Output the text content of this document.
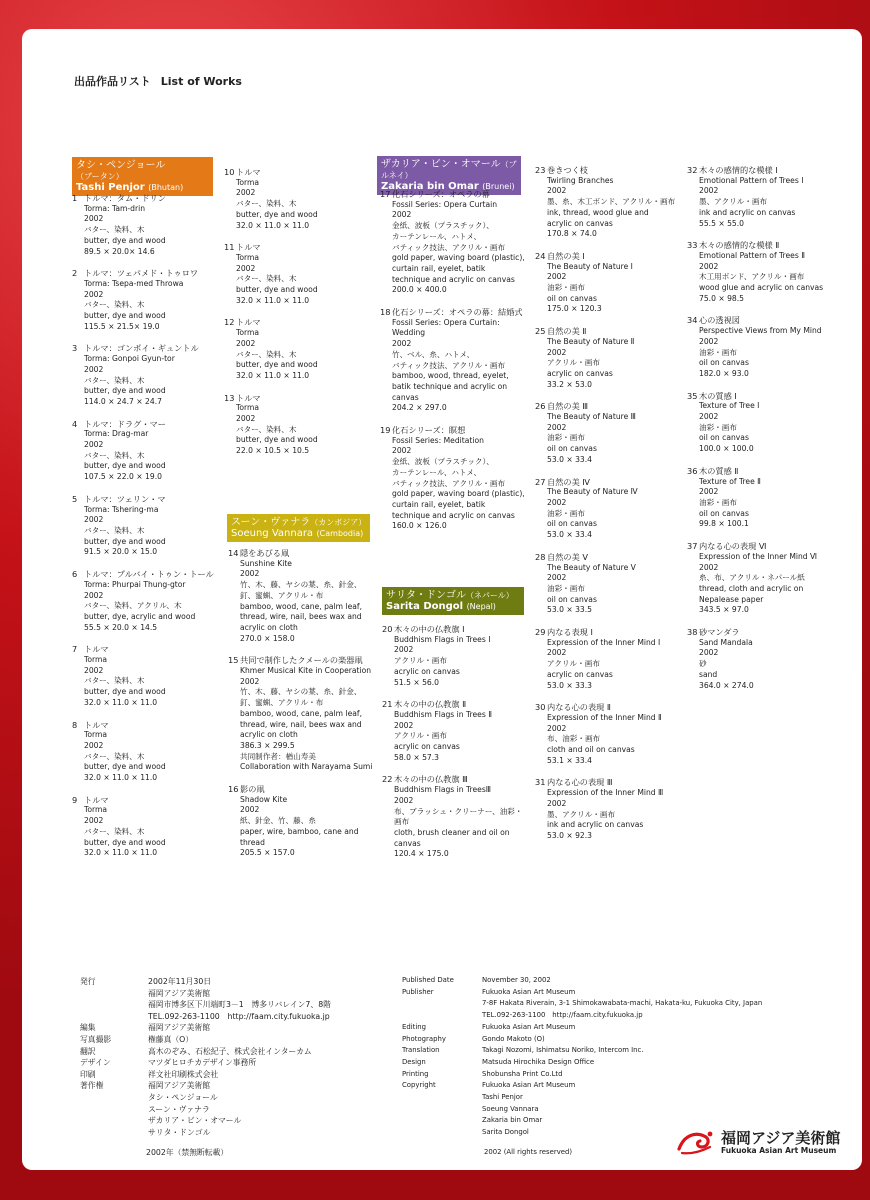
出品作品リスト List of Works
タシ・ペンジョール（ブータン）
Tashi Penjor (Bhutan)
スーン・ヴァナラ（カンボジア）
Soeung Vannara (Cambodia)
ザカリア・ビン・オマール（ブルネイ）
Zakaria bin Omar (Brunei)
サリタ・ドンゴル（ネパール）
Sarita Dongol (Nepal)
1 トルマ：タム・ドリン
Torma: Tam-drin
2002
バター、染料、木
butter, dye and wood
89.5 × 20.0× 14.6
2 トルマ：ツェパメド・トゥロワ
Torma: Tsepa-med Throwa
2002
バター、染料、木
butter, dye and wood
115.5 × 21.5× 19.0
3 トルマ：ゴンポイ・ギュントル
Torma: Gonpoi Gyun-tor
2002
バター、染料、木
butter, dye and wood
114.0 × 24.7 × 24.7
4 トルマ：ドラグ・マー
Torma: Drag-mar
2002
バター、染料、木
butter, dye and wood
107.5 × 22.0 × 19.0
5 トルマ：ツェリン・マ
Torma: Tshering-ma
2002
バター、染料、木
butter, dye and wood
91.5 × 20.0 × 15.0
6 トルマ：プルバイ・トゥン・トール
Torma: Phurpai Thung-gtor
2002
バター、染料、アクリル、木
butter, dye, acrylic and wood
55.5 × 20.0 × 14.5
7 トルマ
Torma
2002
バター、染料、木
butter, dye and wood
32.0 × 11.0 × 11.0
8 トルマ
Torma
2002
バター、染料、木
butter, dye and wood
32.0 × 11.0 × 11.0
9 トルマ
Torma
2002
バター、染料、木
butter, dye and wood
32.0 × 11.0 × 11.0
10 トルマ
Torma
2002
バター、染料、木
butter, dye and wood
32.0 × 11.0 × 11.0
11 トルマ
Torma
2002
バター、染料、木
butter, dye and wood
32.0 × 11.0 × 11.0
12 トルマ
Torma
2002
バター、染料、木
butter, dye and wood
32.0 × 11.0 × 11.0
13 トルマ
Torma
2002
バター、染料、木
butter, dye and wood
22.0 × 10.5 × 10.5
14 隠をあびる凧
Sunshine Kite
2002
竹、木、藤、ヤシの葉、糸、針金、
釘、蜜蝋、アクリル・布
bamboo, wood, cane, palm leaf,
thread, wire, nail, bees wax and
acrylic on cloth
270.0 × 158.0
15 共同で制作したクメールの楽器凧
Khmer Musical Kite in Cooperation
2002
竹、木、藤、ヤシの葉、糸、針金、
釘、蜜蝋、アクリル・布
bamboo, wood, cane, palm leaf,
thread, wire, nail, bees wax and
acrylic on cloth
386.3 × 299.5
共同制作者：楢山寿美
Collaboration with Narayama Sumi
16 影の凧
Shadow Kite
2002
紙、針金、竹、藤、糸
paper, wire, bamboo, cane and
thread
205.5 × 157.0
17 化石シリーズ：オペラの幕
Fossil Series: Opera Curtain
2002
金紙、波板（プラスチック）、
カーテンレール、ハトメ、
バティック技法、アクリル・画布
gold paper, waving board (plastic),
curtain rail, eyelet, batik
technique and acrylic on canvas
200.0 × 400.0
18 化石シリーズ：オペラの幕：結婚式
Fossil Series: Opera Curtain:
Wedding
2002
竹、ベル、糸、ハトメ、
バティック技法、アクリル・画布
bamboo, wood, thread, eyelet,
batik technique and acrylic on
canvas
204.2 × 297.0
19 化石シリーズ：瞑想
Fossil Series: Meditation
2002
金紙、波板（プラスチック）、
カーテンレール、ハトメ、
バティック技法、アクリル・画布
gold paper, waving board (plastic),
curtain rail, eyelet, batik
technique and acrylic on canvas
160.0 × 126.0
20 木々の中の仏教旗 Ⅰ
Buddhism Flags in Trees Ⅰ
2002
アクリル・画布
acrylic on canvas
51.5 × 56.0
21 木々の中の仏教旗 Ⅱ
Buddhism Flags in Trees Ⅱ
2002
アクリル・画布
acrylic on canvas
58.0 × 57.3
22 木々の中の仏教旗 Ⅲ
Buddhism Flags in TreesⅢ
2002
布、ブラッシュ・クリーナー、油彩・
画布
cloth, brush cleaner and oil on
canvas
120.4 × 175.0
23 巻きつく枝
Twirling Branches
2002
墨、糸、木工ボンド、アクリル・画布
ink, thread, wood glue and
acrylic on canvas
170.8 × 74.0
24 自然の美 Ⅰ
The Beauty of Nature Ⅰ
2002
油彩・画布
oil on canvas
175.0 × 120.3
25 自然の美 Ⅱ
The Beauty of Nature Ⅱ
2002
アクリル・画布
acrylic on canvas
33.2 × 53.0
26 自然の美 Ⅲ
The Beauty of Nature Ⅲ
2002
油彩・画布
oil on canvas
53.0 × 33.4
27 自然の美 Ⅳ
The Beauty of Nature Ⅳ
2002
油彩・画布
oil on canvas
53.0 × 33.4
28 自然の美 Ⅴ
The Beauty of Nature Ⅴ
2002
油彩・画布
oil on canvas
53.0 × 33.5
29 内なる表現 Ⅰ
Expression of the Inner Mind Ⅰ
2002
アクリル・画布
acrylic on canvas
53.0 × 33.3
30 内なる心の表現 Ⅱ
Expression of the Inner Mind Ⅱ
2002
布、油彩・画布
cloth and oil on canvas
53.1 × 33.4
31 内なる心の表現 Ⅲ
Expression of the Inner Mind Ⅲ
2002
墨、アクリル・画布
ink and acrylic on canvas
53.0 × 92.3
32 木々の感情的な模様 Ⅰ
Emotional Pattern of Trees Ⅰ
2002
墨、アクリル・画布
ink and acrylic on canvas
55.5 × 55.0
33 木々の感情的な模様 Ⅱ
Emotional Pattern of Trees Ⅱ
2002
木工用ボンド、アクリル・画布
wood glue and acrylic on canvas
75.0 × 98.5
34 心の透視図
Perspective Views from My Mind
2002
油彩・画布
oil on canvas
182.0 × 93.0
35 木の質感 Ⅰ
Texture of Tree Ⅰ
2002
油彩・画布
oil on canvas
100.0 × 100.0
36 木の質感 Ⅱ
Texture of Tree Ⅱ
2002
油彩・画布
oil on canvas
99.8 × 100.1
37 内なる心の表現 Ⅵ
Expression of the Inner Mind Ⅵ
2002
糸、布、アクリル・ネパール紙
thread, cloth and acrylic on
Nepalease paper
343.5 × 97.0
38 砂マンダラ
Sand Mandala
2002
砂
sand
364.0 × 274.0
発行	2002年11月30日
福岡アジア美術館
福岡市博多区下川端町3－1　博多リバレイン7、8階
TEL.092-263-1100　http://faam.city.fukuoka.jp
編集	福岡アジア美術館
写真撮影	権藤真（O）
翻訳	高木のぞみ、石松紀子、株式会社インターカム
デザイン	マツダヒロチカデザイン事務所
印刷	祥文社印刷株式会社
著作権	福岡アジア美術館
タシ・ペンジョール
スーン・ヴァナラ
ザカリア・ビン・オマール
サリタ・ドンゴル
2002年（禁無断転載）
Published Date	November 30, 2002
Publisher	Fukuoka Asian Art Museum
7-8F Hakata Riverain, 3-1 Shimokawabata-machi, Hakata-ku, Fukuoka City, Japan
TEL.092-263-1100　http://faam.city.fukuoka.jp
Editing	Fukuoka Asian Art Museum
Photography	Gondo Makoto (O)
Translation	Takagi Nozomi, Ishimatsu Noriko, Intercom Inc.
Design	Matsuda Hirochika Design Office
Printing	Shobunsha Print Co.Ltd
Copyright	Fukuoka Asian Art Museum
Tashi Penjor
Soeung Vannara
Zakaria bin Omar
Sarita Dongol
2002 (All rights reserved)
福岡アジア美術館
Fukuoka Asian Art Museum
